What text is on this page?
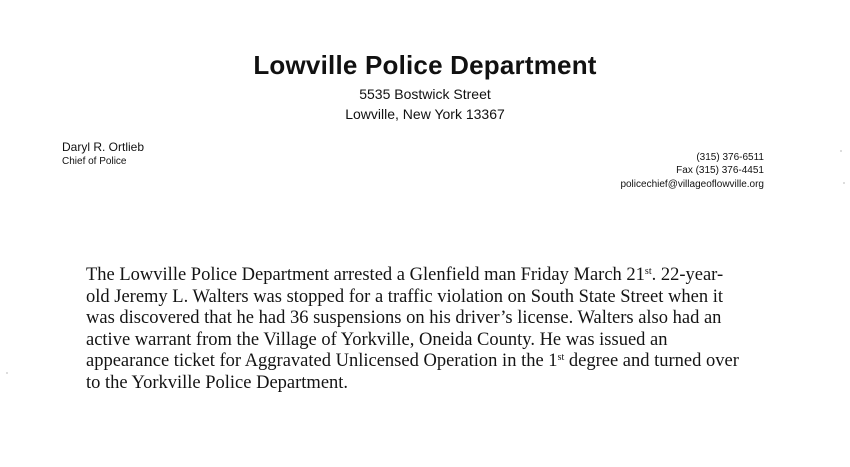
Lowville Police Department
5535 Bostwick Street
Lowville, New York 13367
Daryl R. Ortlieb
Chief of Police	(315) 376-6511
Fax (315) 376-4451
policechief@villageoflowville.org
The Lowville Police Department arrested a Glenfield man Friday March 21st. 22-year-
old Jeremy L. Walters was stopped for a traffic violation on South State Street when it
was discovered that he had 36 suspensions on his driver’s license. Walters also had an
active warrant from the Village of Yorkville, Oneida County. He was issued an
appearance ticket for Aggravated Unlicensed Operation in the 1st degree and turned over
to the Yorkville Police Department.
